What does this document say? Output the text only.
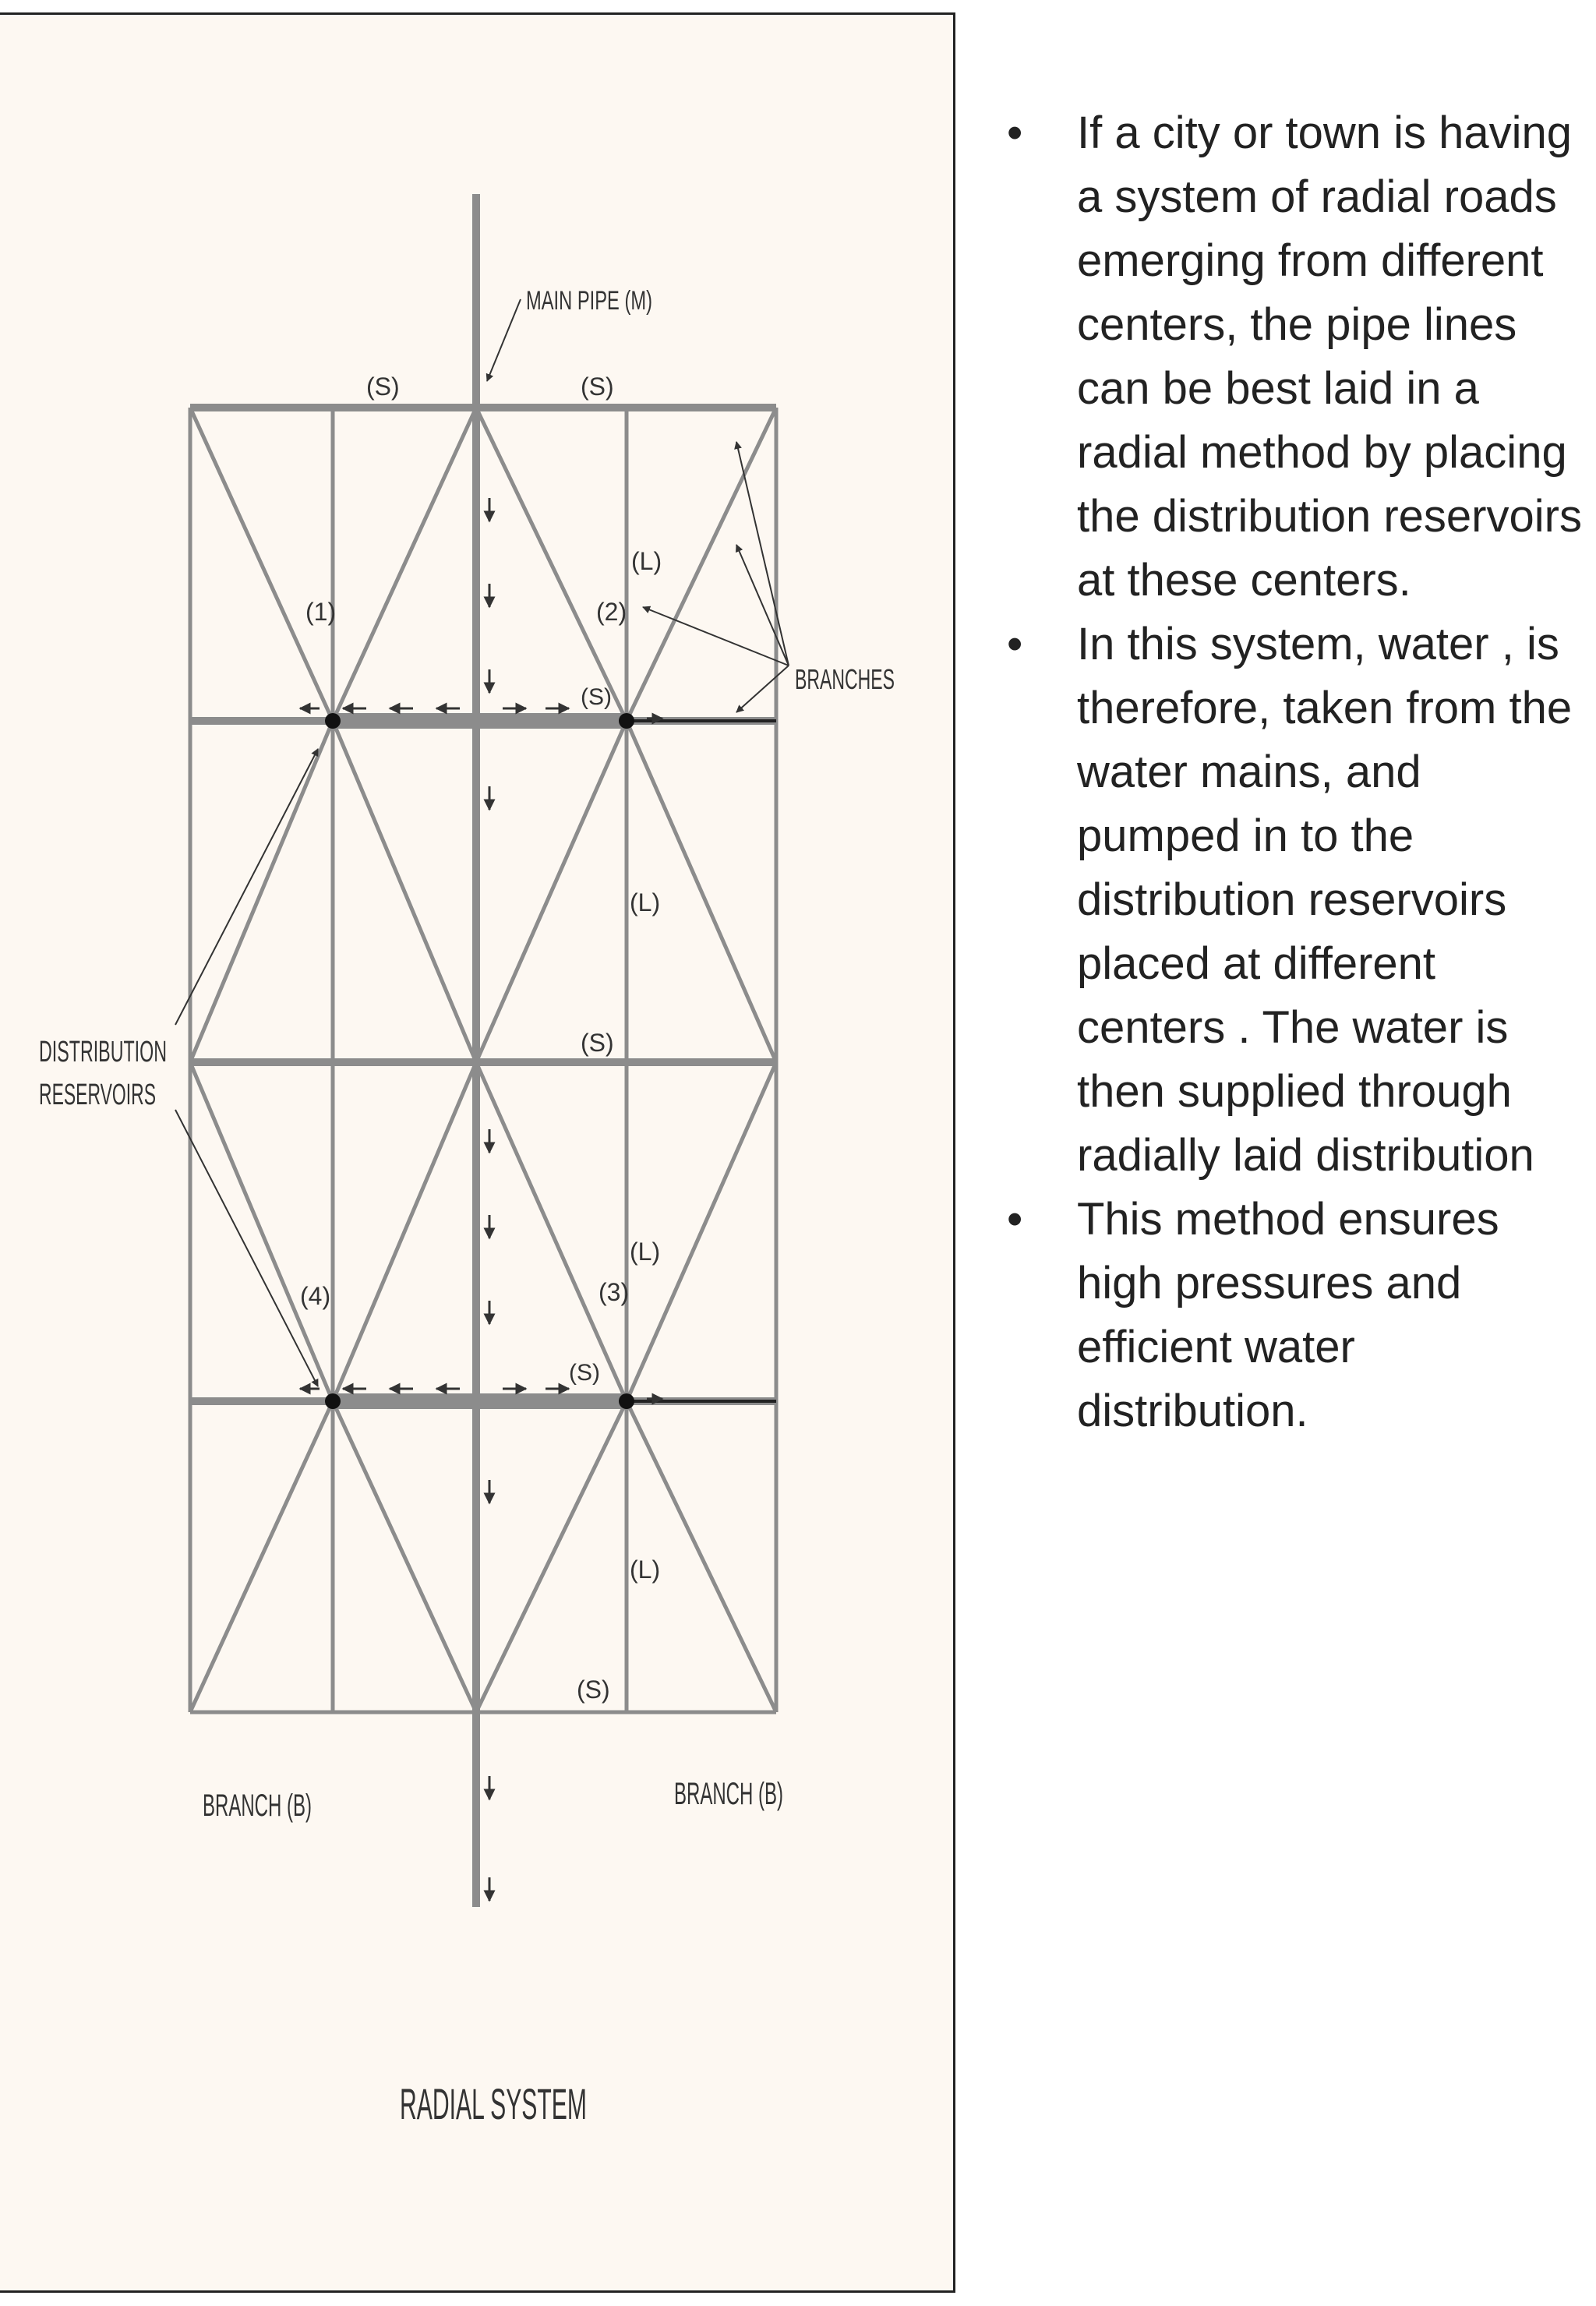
MAIN PIPE (M)
(S)	(S)
(S)
(S)
(S)
(S)
(L)
(L)
(L)
(L)
(1)	(2)
(3)
(4)
BRANCHES
DISTRIBUTION
RESERVOIRS
BRANCH (B)	BRANCH (B)
RADIAL SYSTEM
• If a city or town is having a system of radial roads emerging from different centers, the pipe lines can be best laid in a radial method by placing the distribution reservoirs at these centers.
• In this system, water , is therefore, taken from the water mains, and pumped in to the distribution reservoirs placed at different centers . The water is then supplied through radially laid distribution
• This method ensures high pressures and efficient water distribution.
